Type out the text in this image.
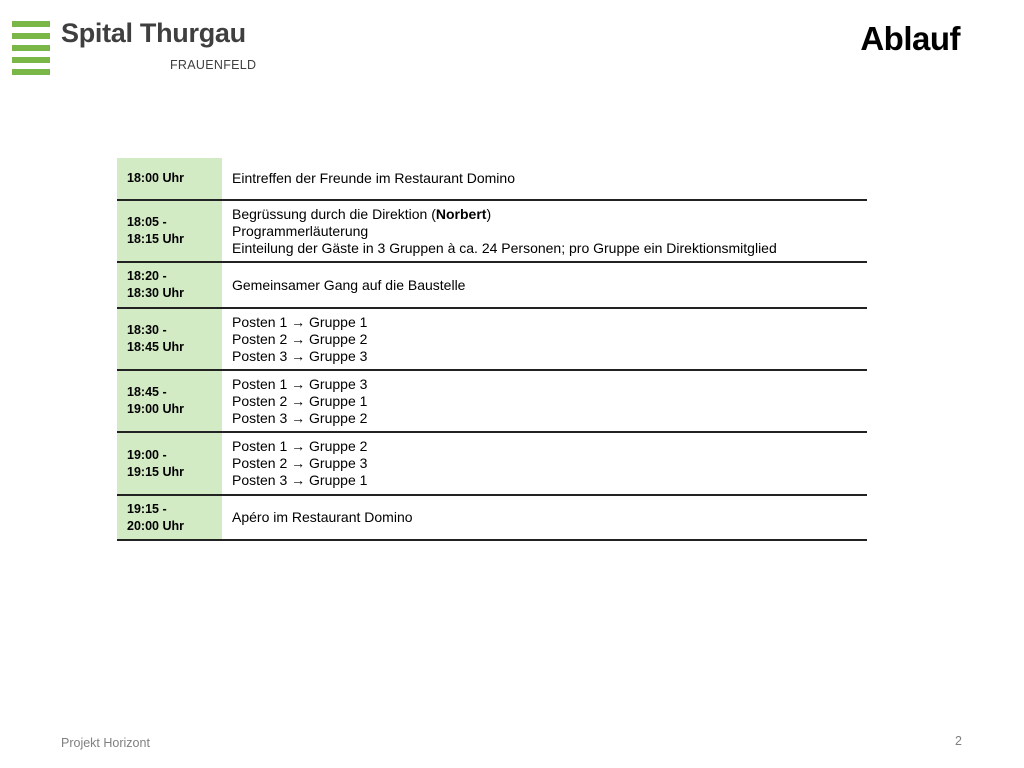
Spital Thurgau
FRAUENFELD
Ablauf
18:00 Uhr	Eintreffen der Freunde im Restaurant Domino
18:05 -
18:15 Uhr
Begrüssung durch die Direktion (Norbert)
Programmerläuterung
Einteilung der Gäste in 3 Gruppen à ca. 24 Personen; pro Gruppe ein Direktionsmitglied
18:20 -
18:30 Uhr
Gemeinsamer Gang auf die Baustelle
18:30 -
18:45 Uhr
Posten 1 → Gruppe 1
Posten 2 → Gruppe 2
Posten 3 → Gruppe 3
18:45 -
19:00 Uhr
Posten 1 → Gruppe 3
Posten 2 → Gruppe 1
Posten 3 → Gruppe 2
19:00 -
19:15 Uhr
Posten 1 → Gruppe 2
Posten 2 → Gruppe 3
Posten 3 → Gruppe 1
19:15 -
20:00 Uhr
Apéro im Restaurant Domino
Projekt Horizont	2
